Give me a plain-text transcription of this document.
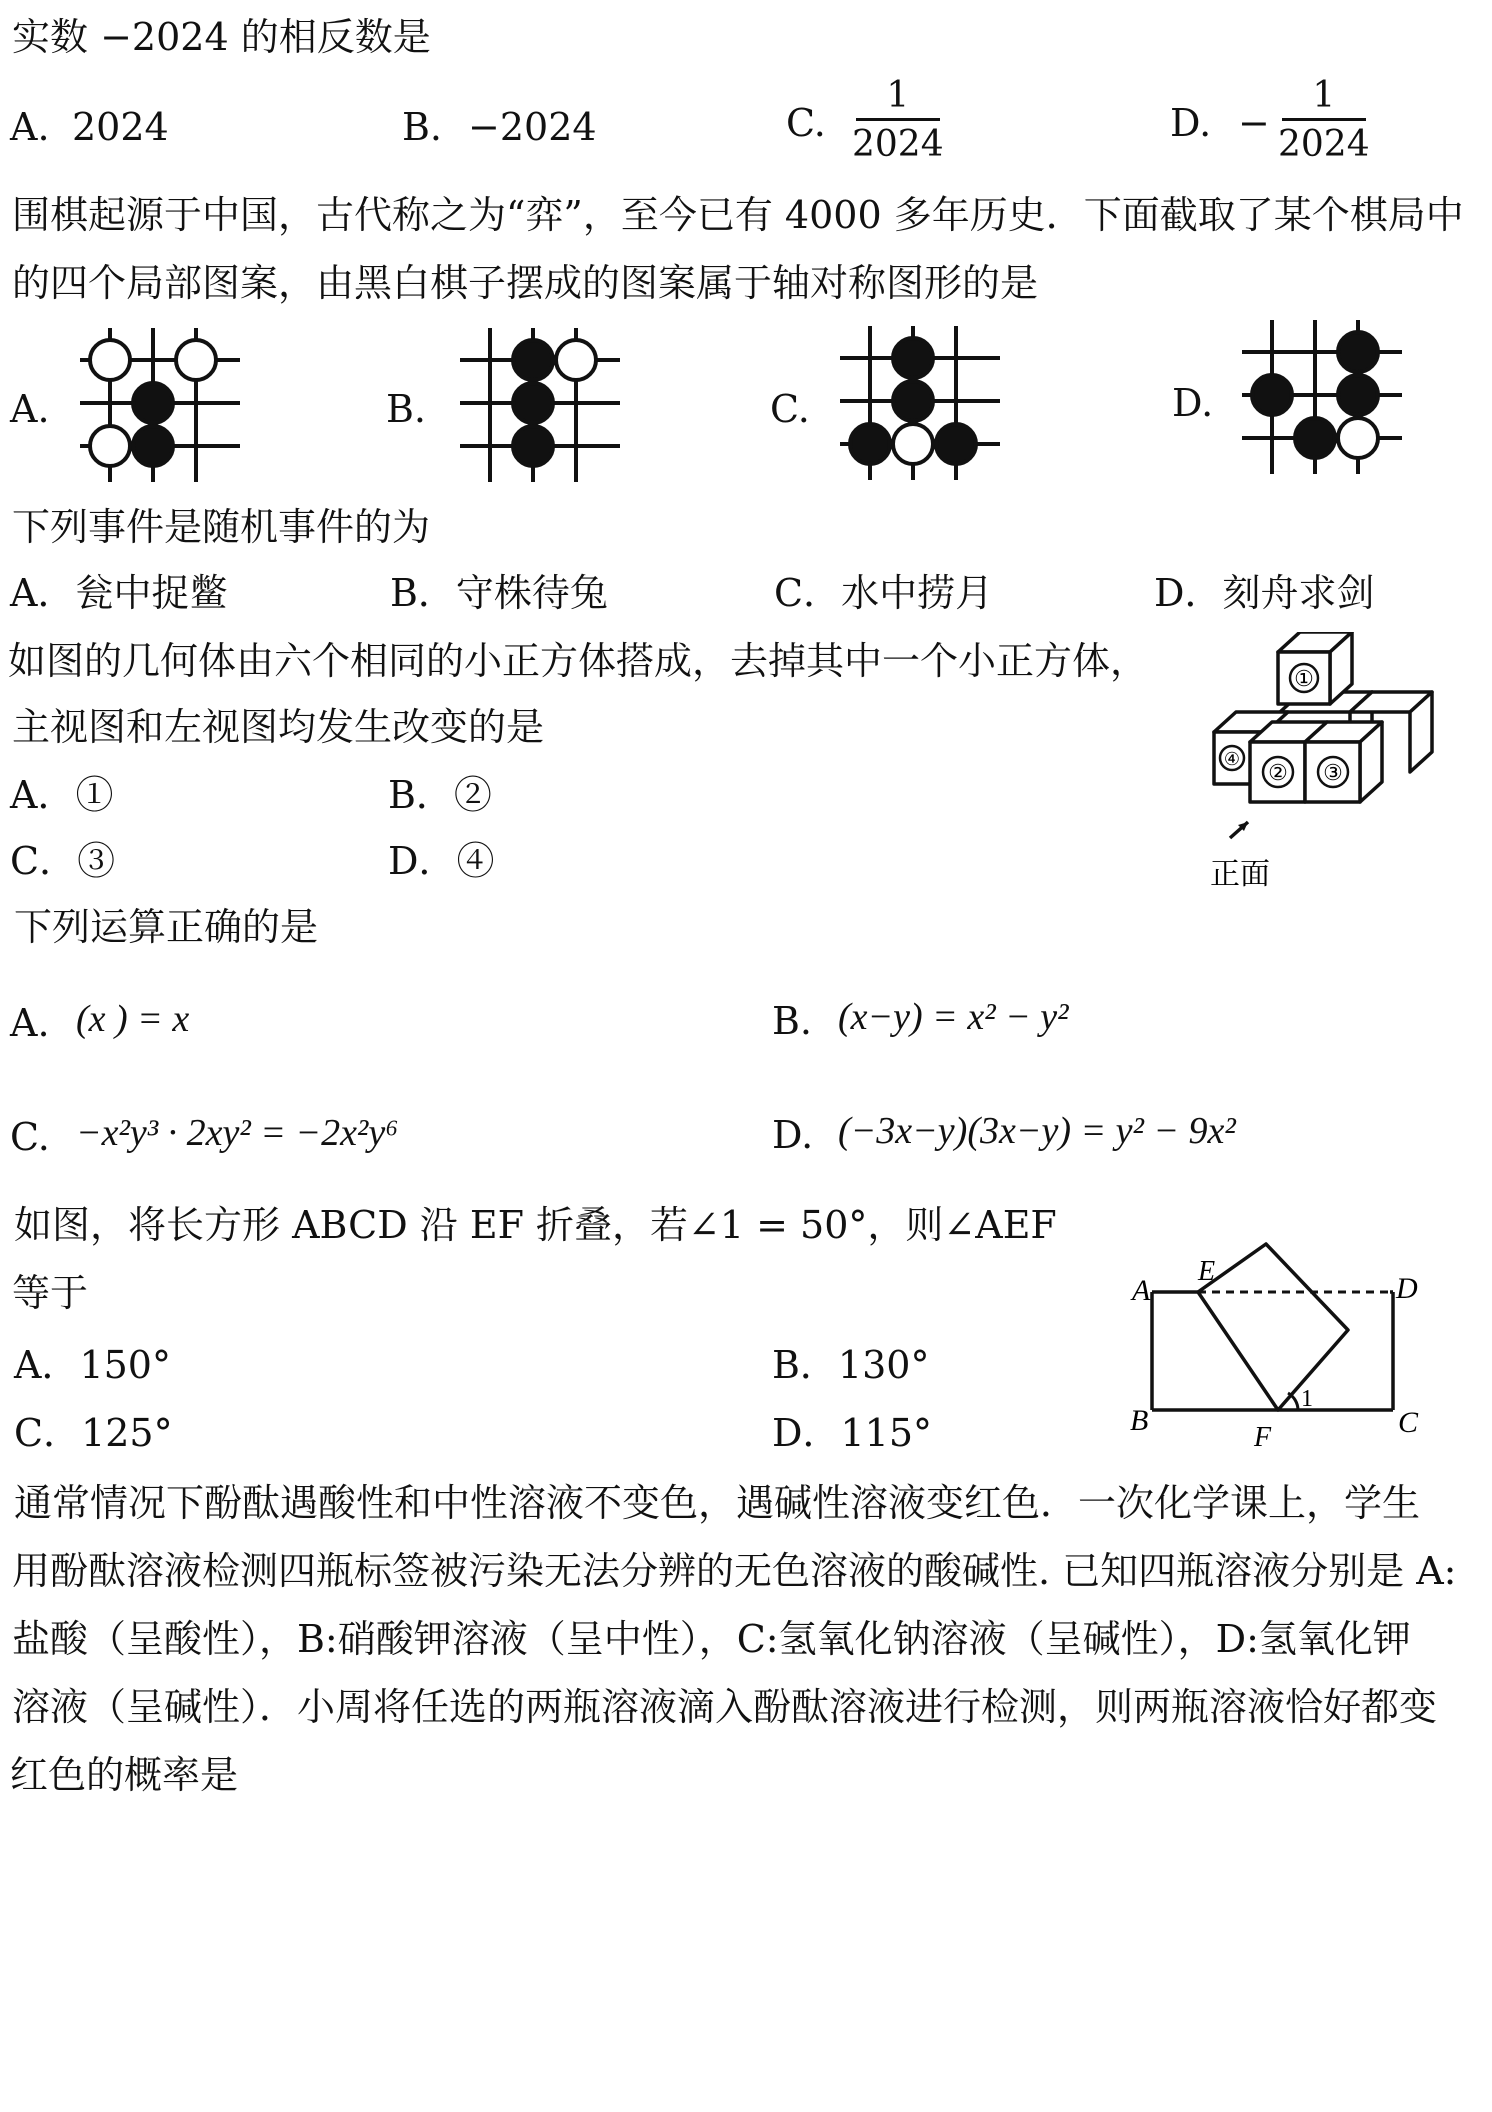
实数 −2024 的相反数是
A. 2024	B. −2024	C.
1
2024	D. −
1
2024
围棋起源于中国，古代称之为“弈”，至今已有 4000 多年历史．下面截取了某个棋局中
的四个局部图案，由黑白棋子摆成的图案属于轴对称图形的是
A.	B.	C.	D.
下列事件是随机事件的为
A．瓮中捉鳖	B．守株待兔	C．水中捞月	D．刻舟求剑
如图的几何体由六个相同的小正方体搭成，去掉其中一个小正方体，
主视图和左视图均发生改变的是
A．①	B．②
C．③	D．④
①
② ③
④
正面
下列运算正确的是
A. (x ) = x	B. (x−y) = x² − y²
C. −x²y³ · 2xy² = −2x²y⁶	D. (−3x−y)(3x−y) = y² − 9x²
如图，将长方形 ABCD 沿 EF 折叠，若∠1 = 50°，则∠AEF
等于
A．150°	B．130°
C．125°	D．115°
A
B	C
D
E
F
1
通常情况下酚酞遇酸性和中性溶液不变色，遇碱性溶液变红色．一次化学课上，学生
用酚酞溶液检测四瓶标签被污染无法分辨的无色溶液的酸碱性. 已知四瓶溶液分别是 A:
盐酸（呈酸性），B:硝酸钾溶液（呈中性），C:氢氧化钠溶液（呈碱性），D:氢氧化钾
溶液（呈碱性）．小周将任选的两瓶溶液滴入酚酞溶液进行检测，则两瓶溶液恰好都变
红色的概率是
